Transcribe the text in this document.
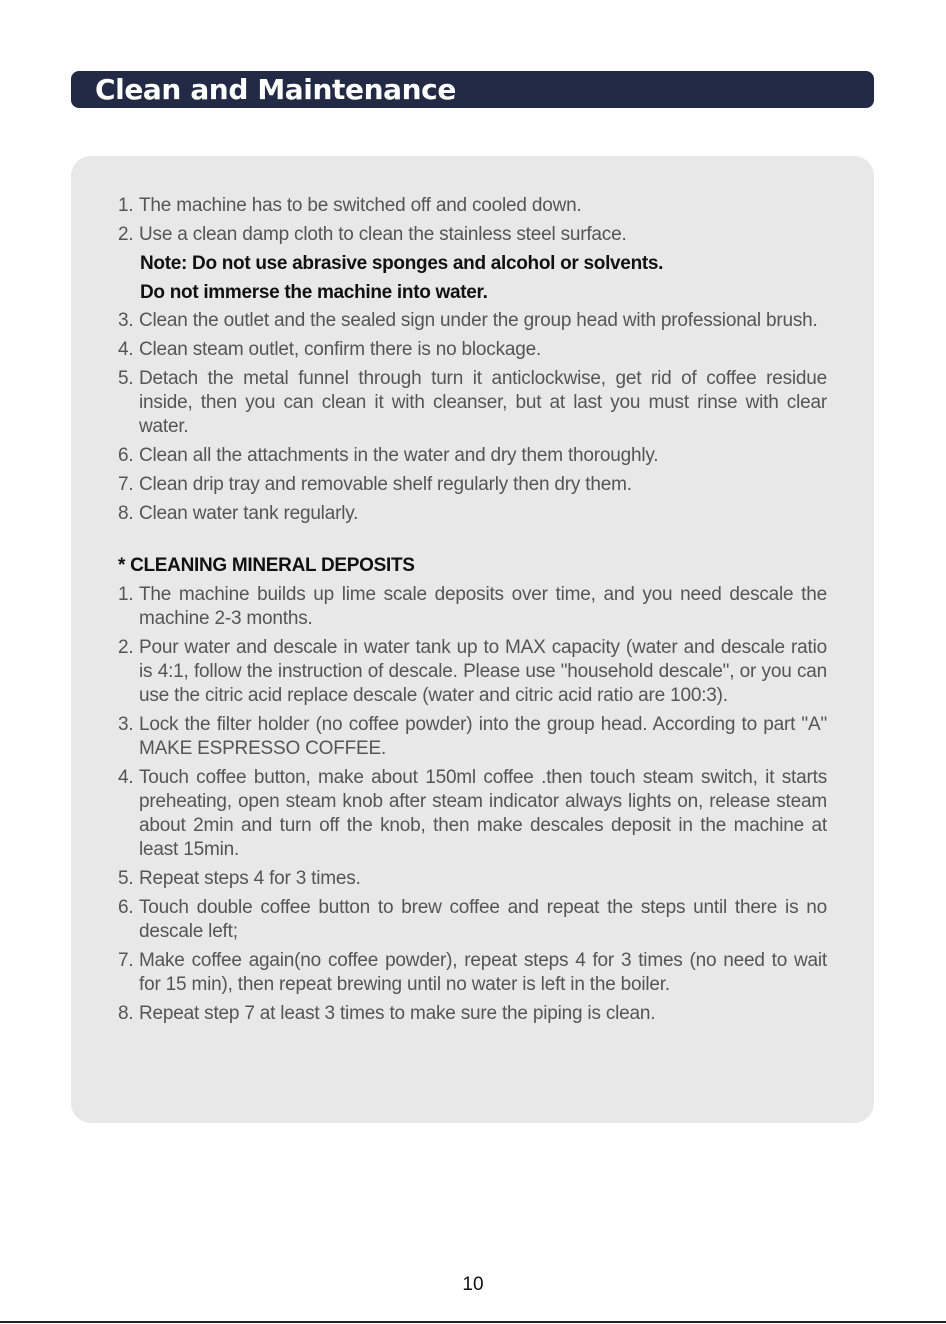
Clean and Maintenance
1. The machine has to be switched off and cooled down.
2. Use a clean damp cloth to clean the stainless steel surface.
Note: Do not use abrasive sponges and alcohol or solvents.
Do not immerse the machine into water.
3. Clean the outlet and the sealed sign under the group head with professional brush.
4. Clean steam outlet, confirm there is no blockage.
5. Detach the metal funnel through turn it anticlockwise, get rid of coffee residue inside, then you can clean it with cleanser, but at last you must rinse with clear water.
6. Clean all the attachments in the water and dry them thoroughly.
7. Clean drip tray and removable shelf regularly then dry them.
8. Clean water tank regularly.
* CLEANING MINERAL DEPOSITS
1. The machine builds up lime scale deposits over time, and you need descale the machine 2-3 months.
2. Pour water and descale in water tank up to MAX capacity (water and descale ratio is 4:1, follow the instruction of descale. Please use "household descale", or you can use the citric acid replace descale (water and citric acid ratio are 100:3).
3. Lock the filter holder (no coffee powder) into the group head. According to part "A" MAKE ESPRESSO COFFEE.
4. Touch coffee button, make about 150ml coffee .then touch steam switch, it starts preheating, open steam knob after steam indicator always lights on, release steam about 2min and turn off the knob, then make descales deposit in the machine at least 15min.
5. Repeat steps 4 for 3 times.
6. Touch double coffee button to brew coffee and repeat the steps until there is no descale left;
7. Make coffee again(no coffee powder), repeat steps 4 for 3 times (no need to wait for 15 min), then repeat brewing until no water is left in the boiler.
8. Repeat step 7 at least 3 times to make sure the piping is clean.
10
